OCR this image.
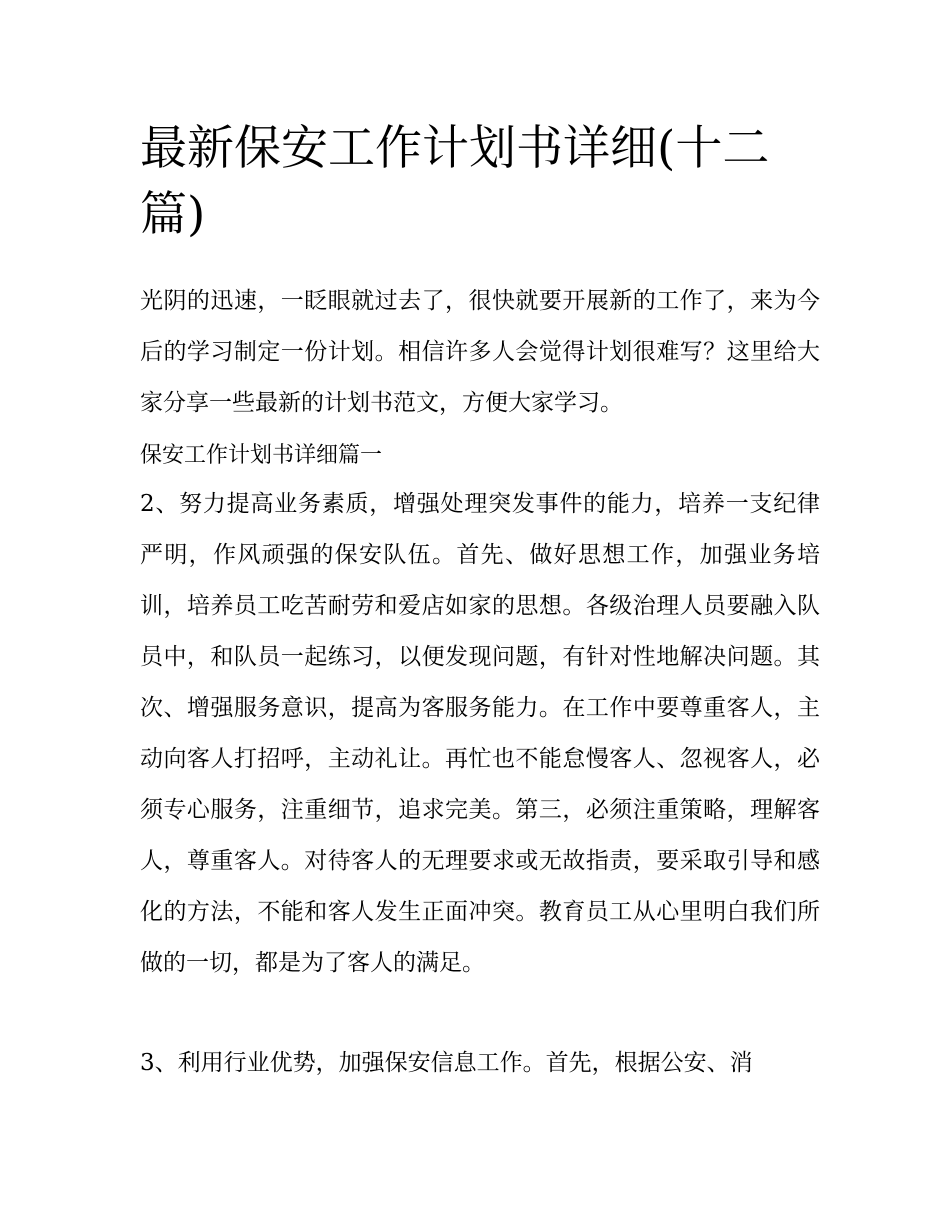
最新保安工作计划书详细(十二篇)

光阴的迅速，一眨眼就过去了，很快就要开展新的工作了，来为今后的学习制定一份计划。相信许多人会觉得计划很难写？这里给大家分享一些最新的计划书范文，方便大家学习。

保安工作计划书详细篇一

2、努力提高业务素质，增强处理突发事件的能力，培养一支纪律严明，作风顽强的保安队伍。首先、做好思想工作，加强业务培训，培养员工吃苦耐劳和爱店如家的思想。各级治理人员要融入队员中，和队员一起练习，以便发现问题，有针对性地解决问题。其次、增强服务意识，提高为客服务能力。在工作中要尊重客人，主动向客人打招呼，主动礼让。再忙也不能怠慢客人、忽视客人，必须专心服务，注重细节，追求完美。第三，必须注重策略，理解客人，尊重客人。对待客人的无理要求或无故指责，要采取引导和感化的方法，不能和客人发生正面冲突。教育员工从心里明白我们所做的一切，都是为了客人的满足。

3、利用行业优势，加强保安信息工作。首先，根据公安、消
